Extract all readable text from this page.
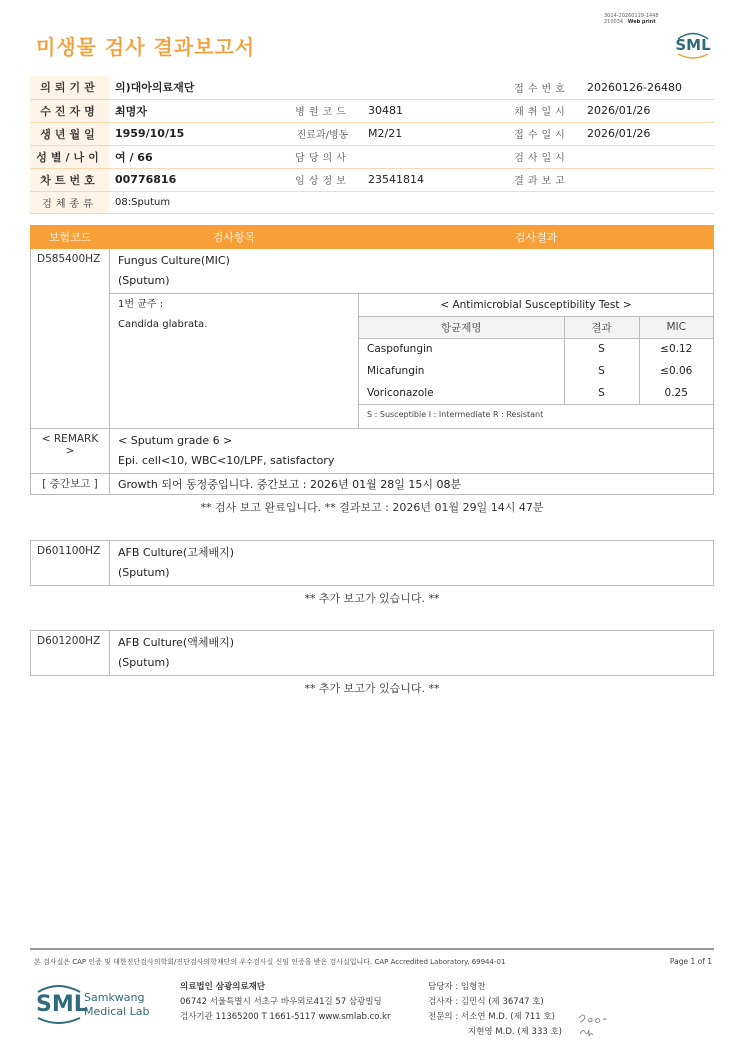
3014-20260129-1448
210034 Web print
미생물 검사 결과보고서	SML
의뢰기관	의)대아의료재단			접수번호	20260126-26480
수진자명	최명자	병원코드	30481	채취일시	2026/01/26
생년월일	1959/10/15	진료과/병동	M2/21	접수일시	2026/01/26
성별/나이	여 / 66	담당의사		검사일시	
차트번호	00776816	임상정보	23541814	결과보고	
검체종류	08:Sputum				
보험코드	검사항목	검사결과
D585400HZ	Fungus Culture(MIC)
(Sputum)

1번 균주 :
Candida glabrata.

< Antimicrobial Susceptibility Test >
항균제명	결과	MIC
Caspofungin	S	≤0.12
Micafungin	S	≤0.06
Voriconazole	S	0.25
S : Susceptible I : Intermediate R : Resistant

< REMARK >	
< Sputum grade 6 >
Epi. cell<10, WBC<10/LPF, satisfactory

[ 중간보고 ]	Growth 되어 동정중입니다. 중간보고 : 2026년 01월 28일 15시 08분
** 검사 보고 완료입니다. ** 결과보고 : 2026년 01월 29일 14시 47분
D601100HZ	AFB Culture(고체배지)
(Sputum)
** 추가 보고가 있습니다. **
D601200HZ	AFB Culture(액체배지)
(Sputum)
** 추가 보고가 있습니다. **
본 검사실은 CAP 인증 및 대한진단검사의학회/진단검사의학재단의 우수검사실 신임 인증을 받은 검사실입니다. CAP Accredited Laboratory. 69944-01	Page 1 of 1
SML
Samkwang
Medical Lab
의료법인 삼광의료재단
06742 서울특별시 서초구 바우뫼로41길 57 삼광빌딩
검사기관 11365200 T 1661-5117 www.smlab.co.kr
담당자 : 임형찬
검사자 : 김민식 (제 36747 호)
전문의 : 서소연 M.D. (제 711 호)
지현영 M.D. (제 333 호)
